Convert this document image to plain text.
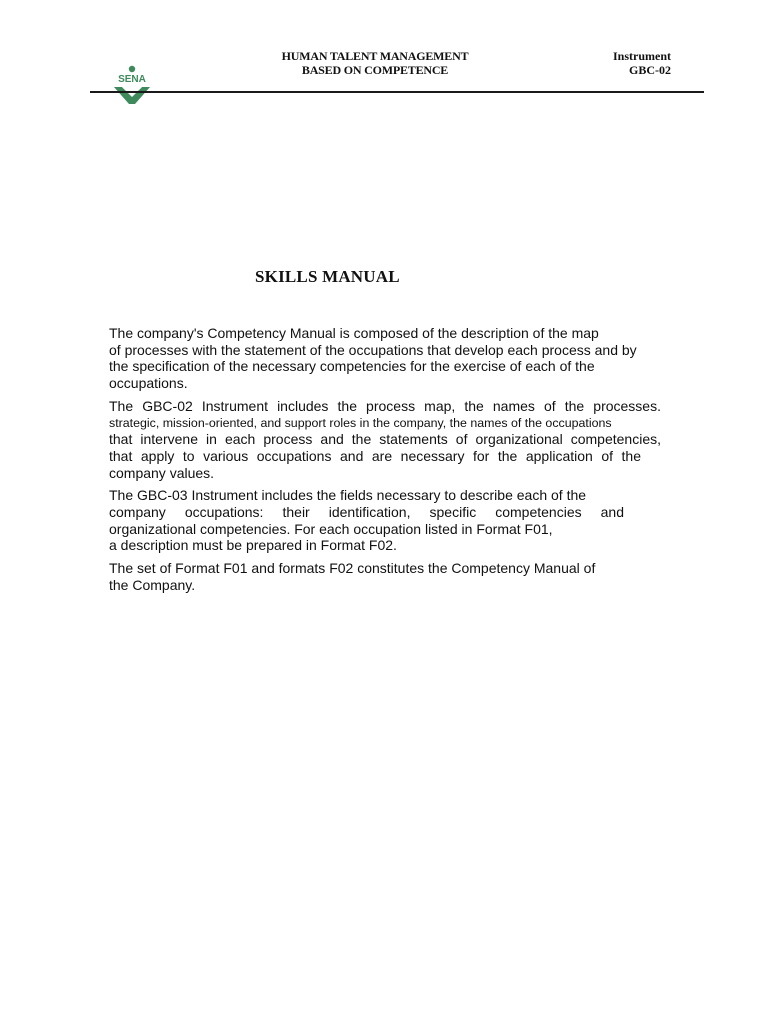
SENA
HUMAN TALENT MANAGEMENT
BASED ON COMPETENCE
Instrument
GBC-02
SKILLS MANUAL
The company's Competency Manual is composed of the description of the map
of processes with the statement of the occupations that develop each process and by
the specification of the necessary competencies for the exercise of each of the
occupations.
The GBC-02 Instrument includes the process map, the names of the processes.
strategic, mission-oriented, and support roles in the company, the names of the occupations
that intervene in each process and the statements of organizational competencies,
that apply to various occupations and are necessary for the application of the
company values.
The GBC-03 Instrument includes the fields necessary to describe each of the
company occupations: their identification, specific competencies and
organizational competencies. For each occupation listed in Format F01,
a description must be prepared in Format F02.
The set of Format F01 and formats F02 constitutes the Competency Manual of
the Company.
